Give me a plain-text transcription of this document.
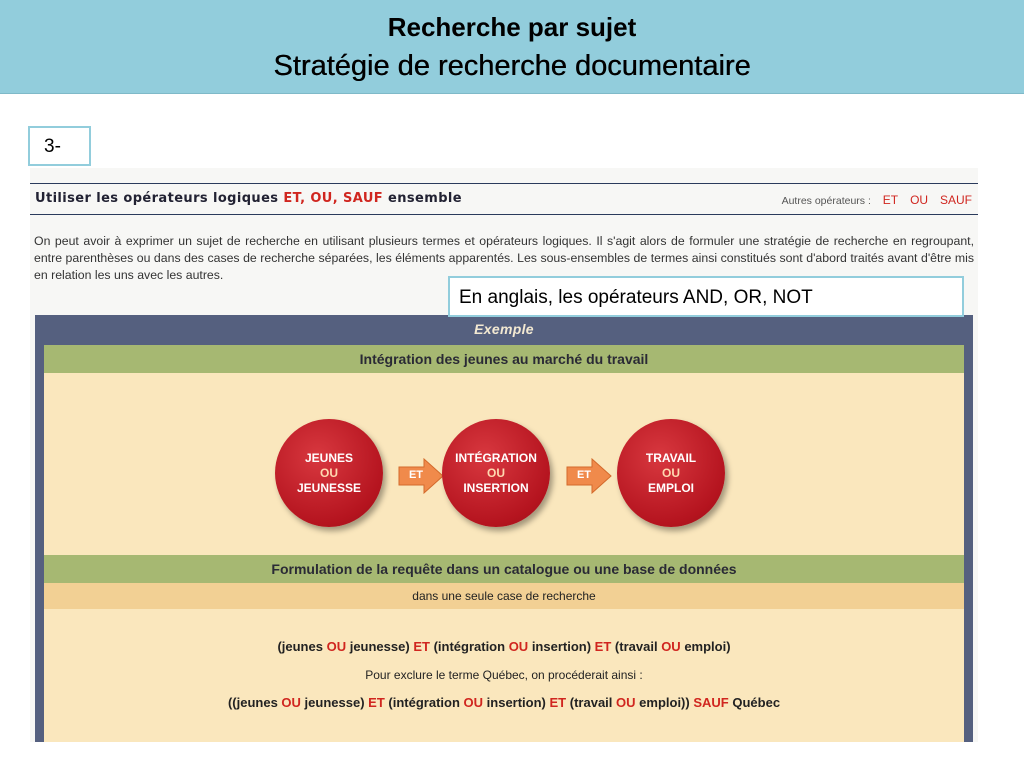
Recherche par sujet
Stratégie de recherche documentaire
3-
Utiliser les opérateurs logiques ET, OU, SAUF ensemble	Autres opérateurs : ET OU SAUF
On peut avoir à exprimer un sujet de recherche en utilisant plusieurs termes et opérateurs logiques. Il s'agit alors de formuler une stratégie de recherche en regroupant, entre parenthèses ou dans des cases de recherche séparées, les éléments apparentés. Les sous-ensembles de termes ainsi constitués sont d'abord traités avant d'être mis en relation les uns avec les autres.
Exemple
Intégration des jeunes au marché du travail
JEUNES
OU
JEUNESSE
ET
INTÉGRATION
OU
INSERTION
ET
TRAVAIL
OU
EMPLOI
Formulation de la requête dans un catalogue ou une base de données
dans une seule case de recherche
(jeunes OU jeunesse) ET (intégration OU insertion) ET (travail OU emploi)
Pour exclure le terme Québec, on procéderait ainsi :
((jeunes OU jeunesse) ET (intégration OU insertion) ET (travail OU emploi)) SAUF Québec
En anglais, les opérateurs AND, OR, NOT
